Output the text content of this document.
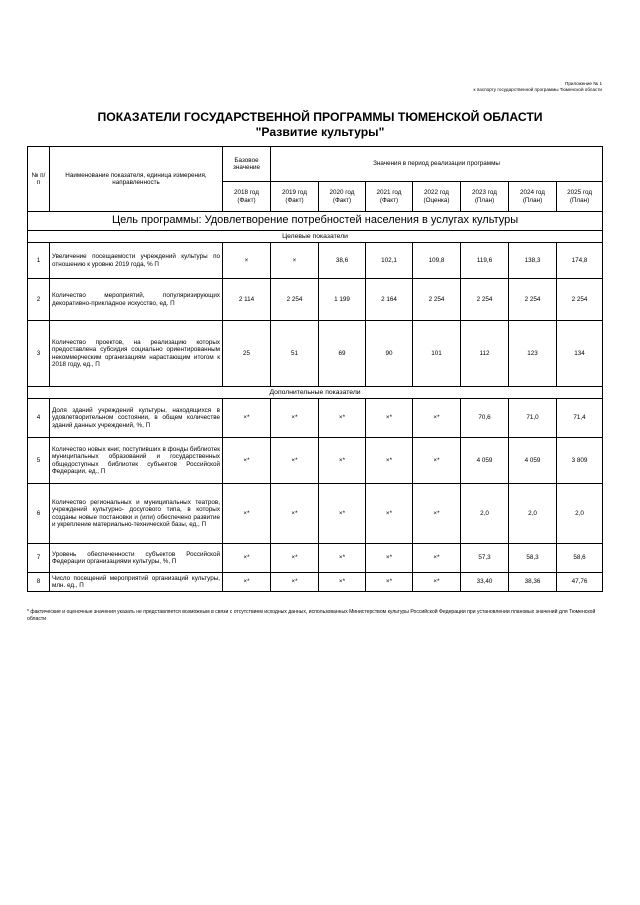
Приложение № 1
к паспорту государственной программы Тюменской области
ПОКАЗАТЕЛИ ГОСУДАРСТВЕННОЙ ПРОГРАММЫ ТЮМЕНСКОЙ ОБЛАСТИ
"Развитие культуры"
№ п/п	Наименование показателя, единица измерения, направленность	Базовое значение	Значения в период реализации программы						
		2018 год (Факт)	2019 год (Факт)	2020 год (Факт)	2021 год (Факт)	2022 год (Оценка)	2023 год (План)	2024 год (План)	2025 год (План)
Цель программы: Удовлетворение потребностей населения в услугах культуры									
Целевые показатели									
1	Увеличение посещаемости учреждений культуры по отношению к уровню 2019 года, % П	×	×	38,6	102,1	109,8	119,6	138,3	174,8
2	Количество мероприятий, популяризирующих декоративно-прикладное искусство, ед. П	2 114	2 254	1 199	2 164	2 254	2 254	2 254	2 254
3	Количество проектов, на реализацию которых предоставлена субсидия социально ориентированным некоммерческим организациям нарастающим итогом к 2018 году, ед., П	25	51	69	90	101	112	123	134
Дополнительные показатели									
4	Доля зданий учреждений культуры, находящихся в удовлетворительном состоянии, в общем количестве зданий данных учреждений, %, П	×*	×*	×*	×*	×*	70,6	71,0	71,4
5	Количество новых книг, поступивших в фонды библиотек муниципальных образований и государственных общедоступных библиотек субъектов Российской Федерации, ед., П	×*	×*	×*	×*	×*	4 059	4 059	3 809
6	Количество региональных и муниципальных театров, учреждений культурно- досугового типа, в которых созданы новые постановки и (или) обеспечено развитие и укрепление материально-технической базы, ед., П	×*	×*	×*	×*	×*	2,0	2,0	2,0
7	Уровень обеспеченности субъектов Российской Федерации организациями культуры, %, П	×*	×*	×*	×*	×*	57,3	58,3	58,6
8	Число посещений мероприятий организаций культуры, млн. ед., П	×*	×*	×*	×*	×*	33,40	38,36	47,76
* фактические и оценочные значения указать не представляется возможным в связи с отсутствием исходных данных, использованных Министерством культуры Российской Федерации при установлении плановых значений для Тюменской области
